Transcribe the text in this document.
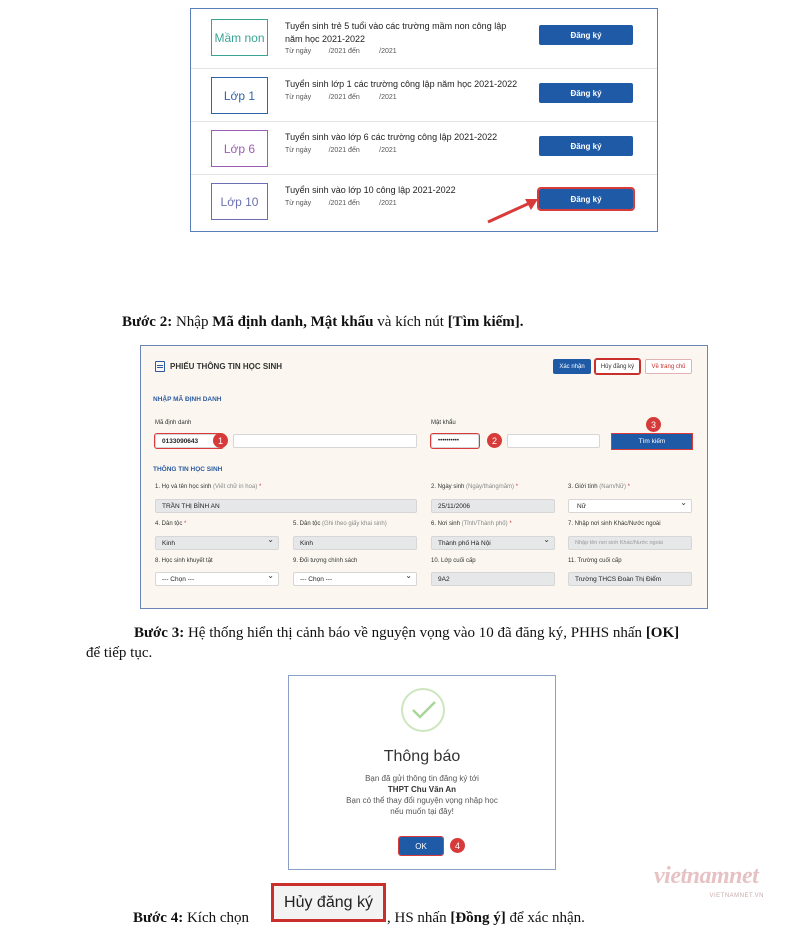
Mầm non
Tuyển sinh trẻ 5 tuổi vào các trường mầm non công lập năm học 2021-2022
Từ ngày         /2021 đến          /2021
Đăng ký
Lớp 1
Tuyển sinh lớp 1 các trường công lập năm học 2021-2022
Từ ngày         /2021 đến          /2021	Đăng ký
Lớp 6
Tuyển sinh vào lớp 6 các trường công lập 2021-2022
Từ ngày         /2021 đến          /2021	Đăng ký
Lớp 10
Tuyển sinh vào lớp 10 công lập 2021-2022
Từ ngày         /2021 đến          /2021	Đăng ký
Bước 2: Nhập Mã định danh, Mật khẩu và kích nút [Tìm kiếm].
PHIẾU THÔNG TIN HỌC SINH	Xác nhận	Hủy đăng ký	Về trang chủ
NHẬP MÃ ĐỊNH DANH
Mã định danh
0133090643	1
Mật khẩu
••••••••••	2
3
Tìm kiếm
THÔNG TIN HỌC SINH
1. Họ và tên học sinh (Viết chữ in hoa) *
TRẦN THỊ BÌNH AN
2. Ngày sinh (Ngày/tháng/năm) *
25/11/2006
3. Giới tính (Nam/Nữ) *
Nữ ⌄
4. Dân tộc *
Kinh ⌄
5. Dân tộc (Ghi theo giấy khai sinh)
Kinh
6. Nơi sinh (Tỉnh/Thành phố) *
Thành phố Hà Nội ⌄
7. Nhập nơi sinh Khác/Nước ngoài
Nhập tên nơi sinh Khác/Nước ngoài
8. Học sinh khuyết tật
--- Chọn --- ⌄
9. Đối tượng chính sách
--- Chọn --- ⌄
10. Lớp cuối cấp
9A2
11. Trường cuối cấp
Trường THCS Đoàn Thị Điểm
Bước 3: Hệ thống hiển thị cảnh báo về nguyện vọng vào 10 đã đăng ký, PHHS nhấn [OK]
để tiếp tục.
Thông báo
Bạn đã gửi thông tin đăng ký tới
THPT Chu Văn An
Bạn có thể thay đổi nguyện vọng nhập học
nếu muốn tại đây!
OK	4
vietnamnet
VIETNAMNET.VN
Bước 4: Kích chọn
Hủy đăng ký
, HS nhấn [Đồng ý] để xác nhận.
